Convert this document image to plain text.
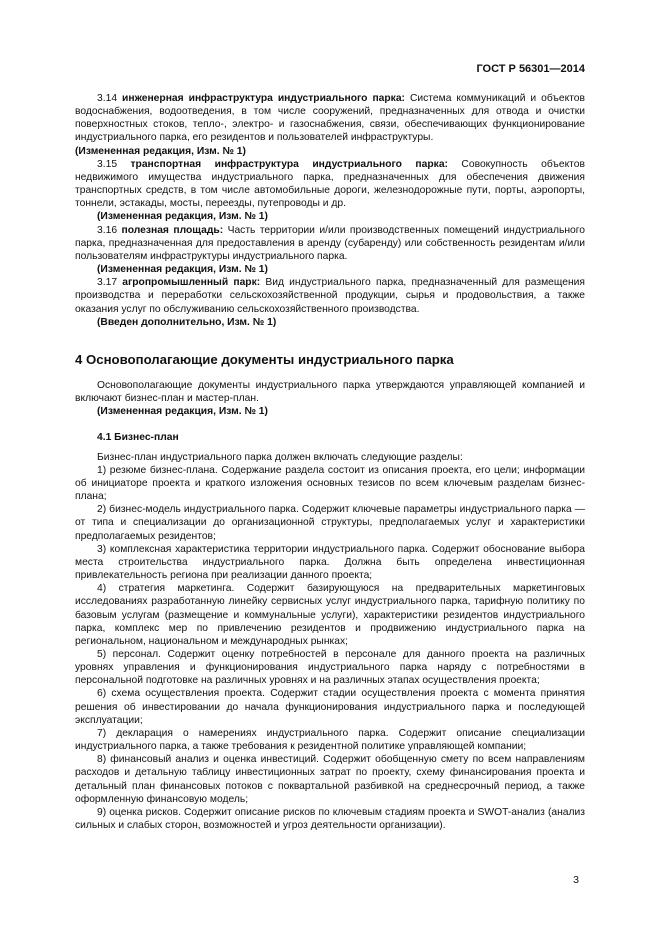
ГОСТ Р 56301—2014

3.14 инженерная инфраструктура индустриального парка: Система коммуникаций и объектов водоснабжения, водоотведения, в том числе сооружений, предназначенных для отвода и очистки поверхностных стоков, тепло-, электро- и газоснабжения, связи, обеспечивающих функционирование индустриального парка, его резидентов и пользователей инфраструктуры.

(Измененная редакция, Изм. № 1)

3.15 транспортная инфраструктура индустриального парка: Совокупность объектов недвижимого имущества индустриального парка, предназначенных для обеспечения движения транспортных средств, в том числе автомобильные дороги, железнодорожные пути, порты, аэропорты, тоннели, эстакады, мосты, переезды, путепроводы и др.

(Измененная редакция, Изм. № 1)

3.16 полезная площадь: Часть территории и/или производственных помещений индустриального парка, предназначенная для предоставления в аренду (субаренду) или собственность резидентам и/или пользователям инфраструктуры индустриального парка.

(Измененная редакция, Изм. № 1)

3.17 агропромышленный парк: Вид индустриального парка, предназначенный для размещения производства и переработки сельскохозяйственной продукции, сырья и продовольствия, а также оказания услуг по обслуживанию сельскохозяйственного производства.

(Введен дополнительно, Изм. № 1)

4 Основополагающие документы индустриального парка

Основополагающие документы индустриального парка утверждаются управляющей компанией и включают бизнес-план и мастер-план.

(Измененная редакция, Изм. № 1)

4.1 Бизнес-план

Бизнес-план индустриального парка должен включать следующие разделы:

1) резюме бизнес-плана. Содержание раздела состоит из описания проекта, его цели; информации об инициаторе проекта и краткого изложения основных тезисов по всем ключевым разделам бизнес-плана;

2) бизнес-модель индустриального парка. Содержит ключевые параметры индустриального парка — от типа и специализации до организационной структуры, предполагаемых услуг и характеристики предполагаемых резидентов;

3) комплексная характеристика территории индустриального парка. Содержит обоснование выбора места строительства индустриального парка. Должна быть определена инвестиционная привлекательность региона при реализации данного проекта;

4) стратегия маркетинга. Содержит базирующуюся на предварительных маркетинговых исследованиях разработанную линейку сервисных услуг индустриального парка, тарифную политику по базовым услугам (размещение и коммунальные услуги), характеристики резидентов индустриального парка, комплекс мер по привлечению резидентов и продвижению индустриального парка на региональном, национальном и международных рынках;

5) персонал. Содержит оценку потребностей в персонале для данного проекта на различных уровнях управления и функционирования индустриального парка наряду с потребностями в персональной подготовке на различных уровнях и на различных этапах осуществления проекта;

6) схема осуществления проекта. Содержит стадии осуществления проекта с момента принятия решения об инвестировании до начала функционирования индустриального парка и последующей эксплуатации;

7) декларация о намерениях индустриального парка. Содержит описание специализации индустриального парка, а также требования к резидентной политике управляющей компании;

8) финансовый анализ и оценка инвестиций. Содержит обобщенную смету по всем направлениям расходов и детальную таблицу инвестиционных затрат по проекту, схему финансирования проекта и детальный план финансовых потоков с поквартальной разбивкой на среднесрочный период, а также оформленную финансовую модель;

9) оценка рисков. Содержит описание рисков по ключевым стадиям проекта и SWOT-анализ (анализ сильных и слабых сторон, возможностей и угроз деятельности организации).

3
